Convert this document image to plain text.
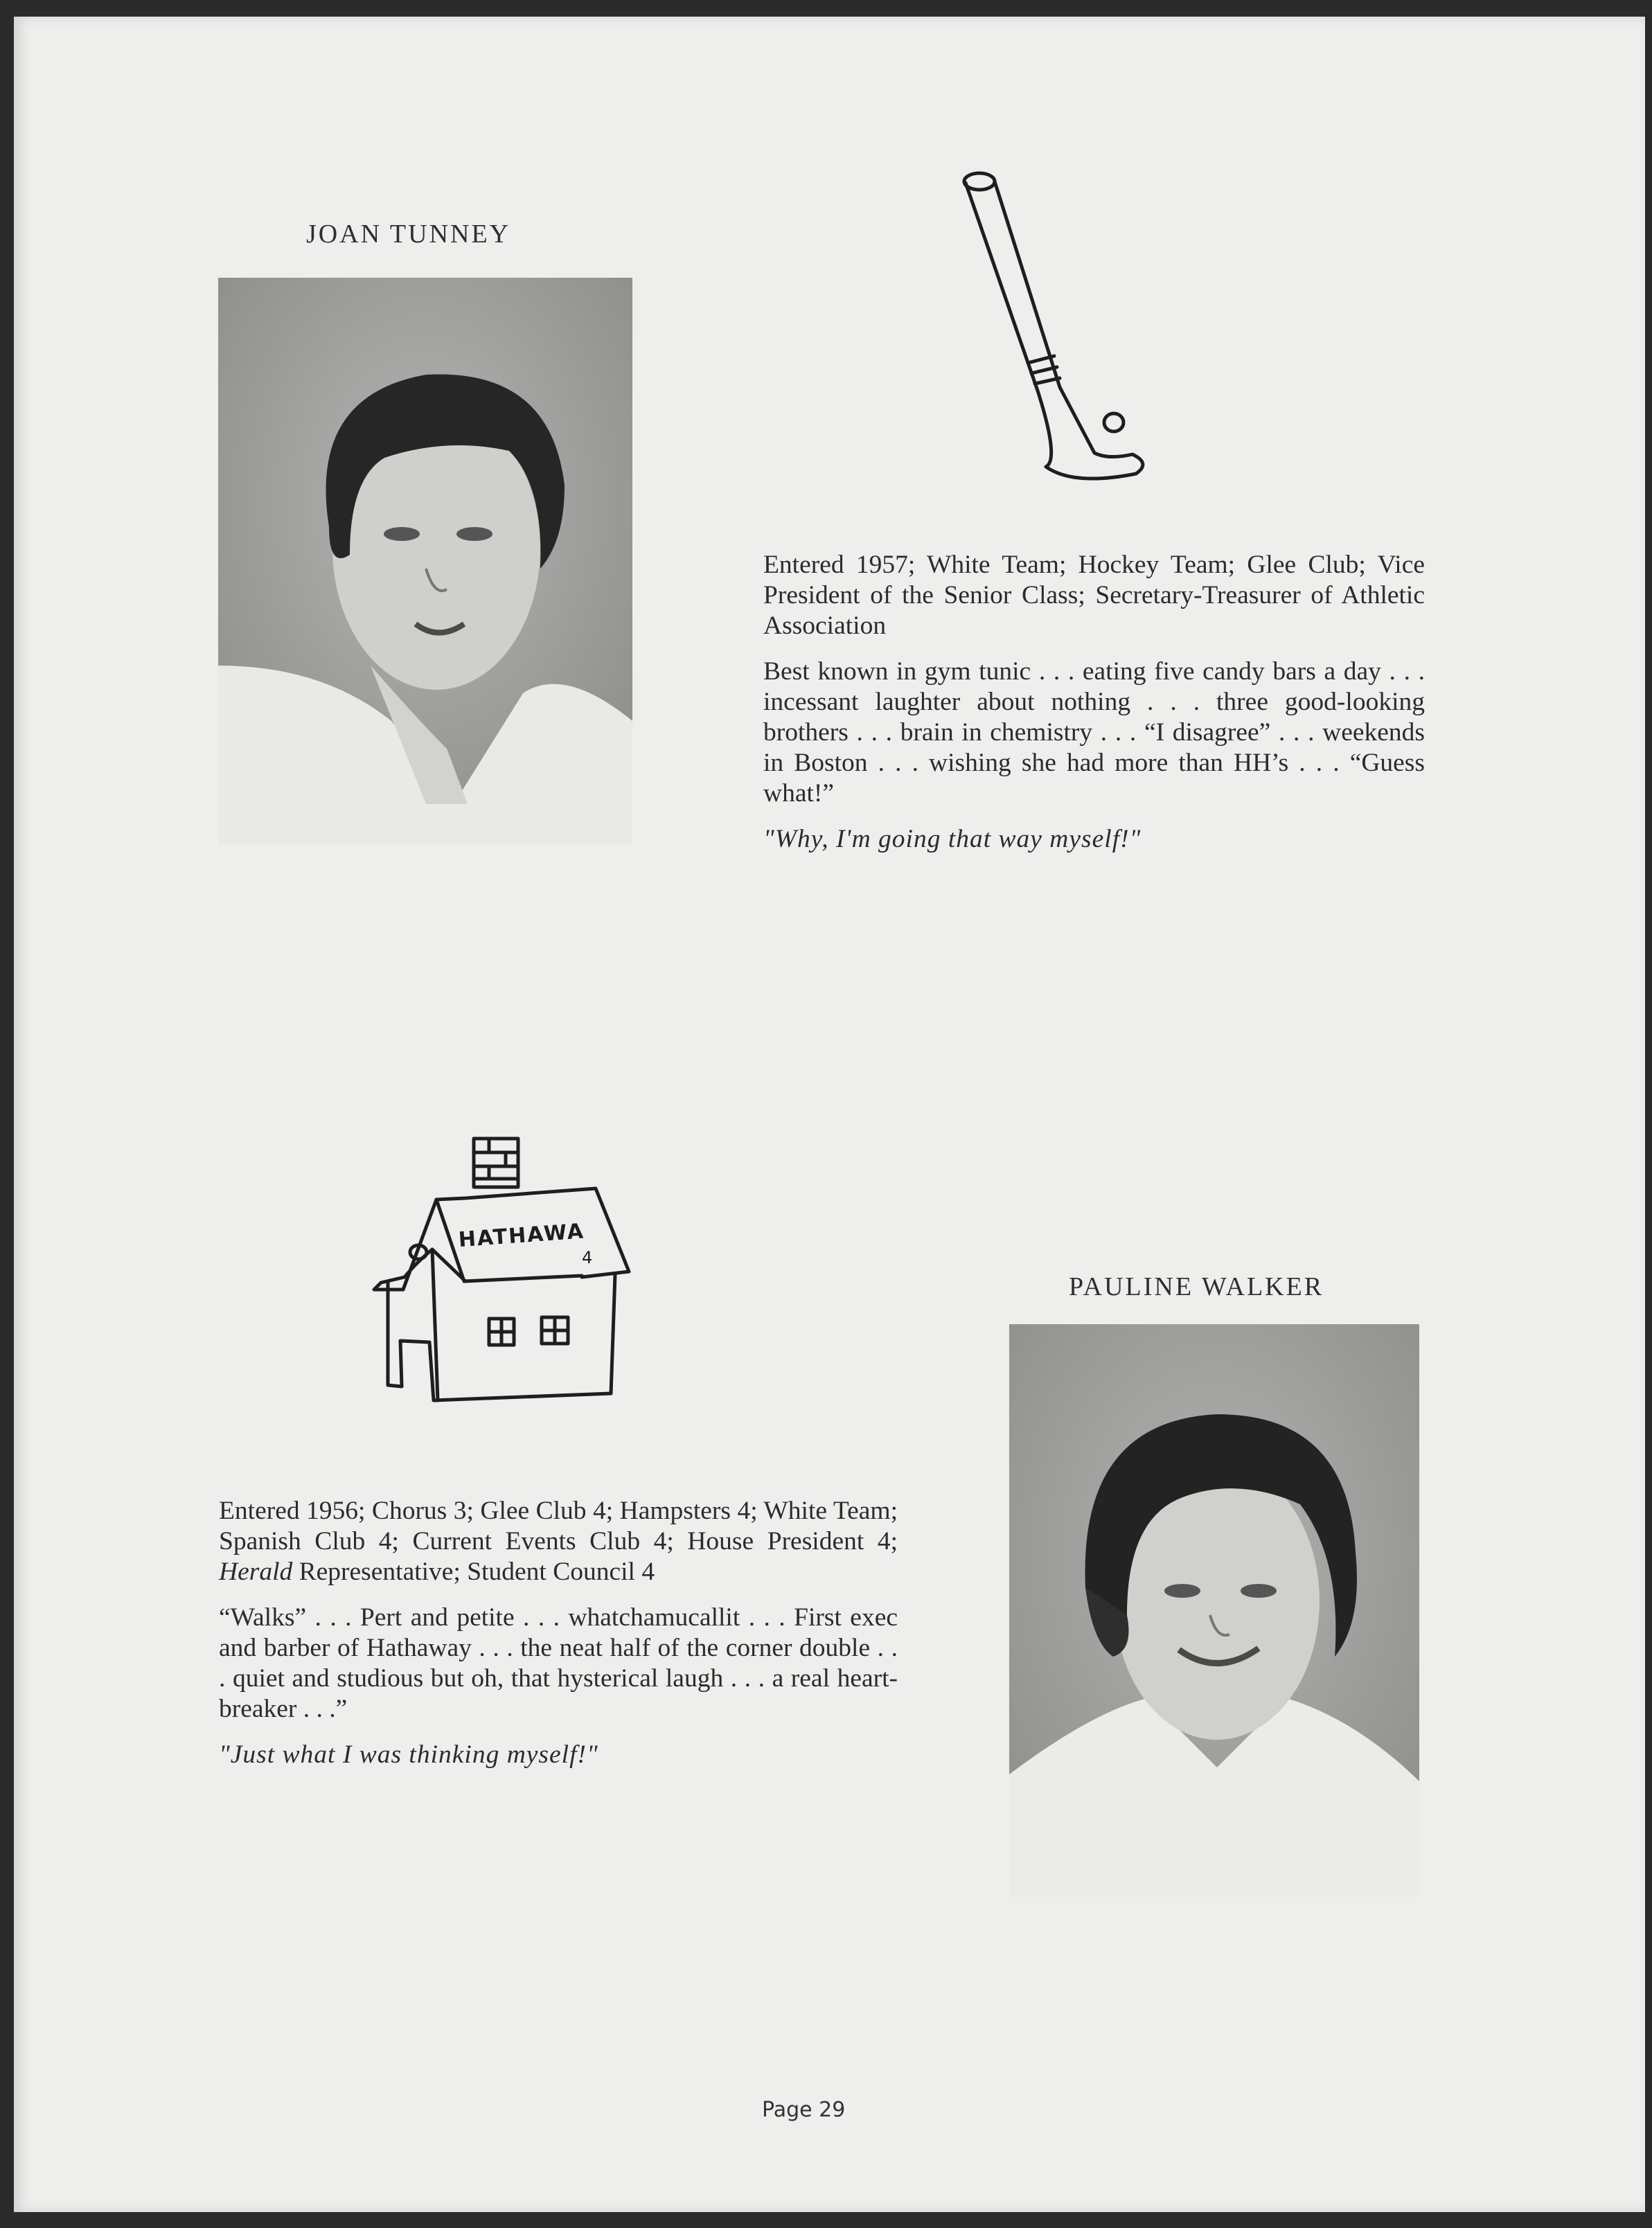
JOAN TUNNEY

Entered 1957; White Team; Hockey Team; Glee Club; Vice President of the Senior Class; Secretary-Treasurer of Athletic Association

Best known in gym tunic . . . eating five candy bars a day . . . incessant laughter about nothing . . . three good-looking brothers . . . brain in chemistry . . . “I disagree” . . . weekends in Boston . . . wishing she had more than HH’s . . . “Guess what!”

"Why, I'm going that way myself!"

HATHAWA
4
PAULINE WALKER

Entered 1956; Chorus 3; Glee Club 4; Hampsters 4; White Team; Spanish Club 4; Current Events Club 4; House President 4; Herald Representative; Student Council 4

“Walks” . . . Pert and petite . . . whatchamucallit . . . First exec and barber of Hathaway . . . the neat half of the corner double . . . quiet and studious but oh, that hysterical laugh . . . a real heart-breaker . . .”

"Just what I was thinking myself!"

Page 29
